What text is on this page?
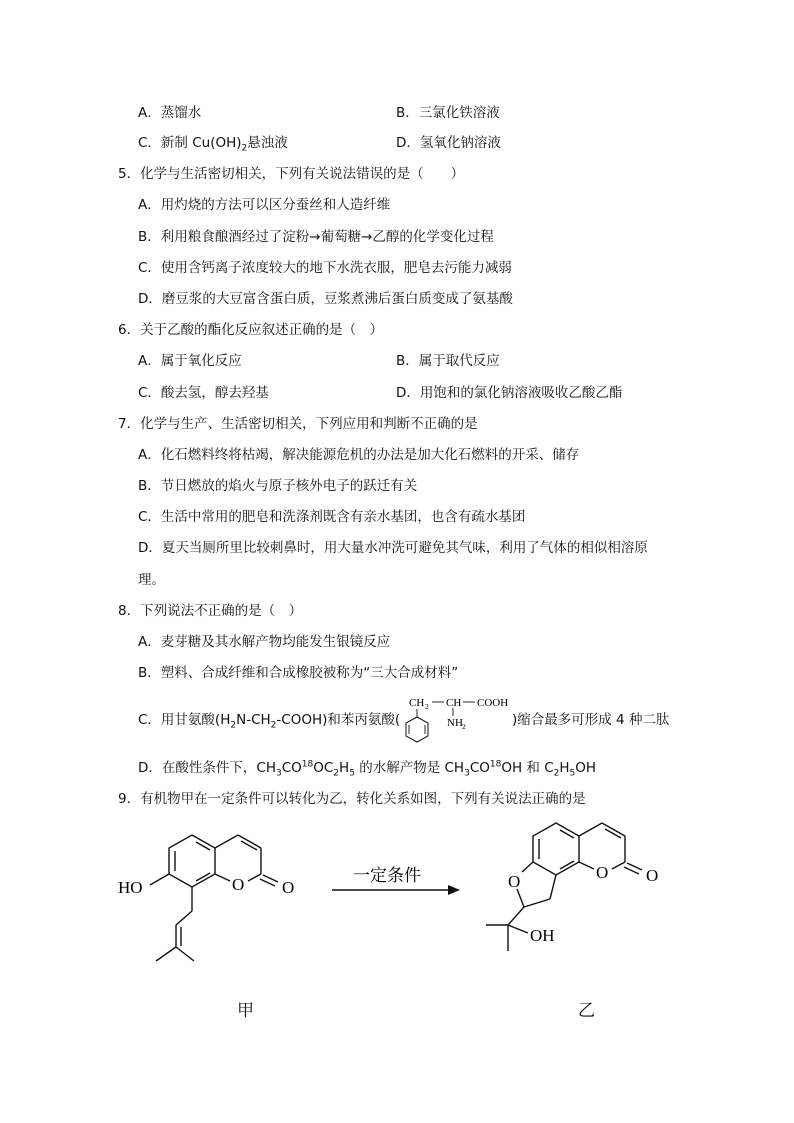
A．蒸馏水	B．三氯化铁溶液
C．新制 $Cu(OH)_2$悬浊液	D．氢氧化钠溶液
5．化学与生活密切相关，下列有关说法错误的是（　　）
A．用灼烧的方法可以区分蚕丝和人造纤维
B．利用粮食酿酒经过了淀粉→葡萄糖→乙醇的化学变化过程
C．使用含钙离子浓度较大的地下水洗衣服，肥皂去污能力减弱
D．磨豆浆的大豆富含蛋白质，豆浆煮沸后蛋白质变成了氨基酸
6．关于乙酸的酯化反应叙述正确的是（　）
A．属于氧化反应	B．属于取代反应
C．酸去氢，醇去羟基	D．用饱和的氯化钠溶液吸收乙酸乙酯
7．化学与生产、生活密切相关，下列应用和判断不正确的是
A．化石燃料终将枯竭，解决能源危机的办法是加大化石燃料的开采、储存
B．节日燃放的焰火与原子核外电子的跃迁有关
C．生活中常用的肥皂和洗涤剂既含有亲水基团，也含有疏水基团
D．夏天当厕所里比较刺鼻时，用大量水冲洗可避免其气味，利用了气体的相似相溶原
理。
8．下列说法不正确的是（　）
A．麦芽糖及其水解产物均能发生银镜反应
B．塑料、合成纤维和合成橡胶被称为“三大合成材料”
C．用甘氨酸$(H_2N-CH_2-COOH)$和苯丙氨酸(
CH 2 CH COOH
NH 2	)缩合最多可形成 4 种二肽
D．在酸性条件下，$CH_3CO^{18}OC_2H_5$ 的水解产物是 $CH_3CO^{18}OH$ 和 $C_2H_5OH$
9．有机物甲在一定条件可以转化为乙，转化关系如图，下列有关说法正确的是
HO	O O
一定条件	O	O O
OH
甲	乙
